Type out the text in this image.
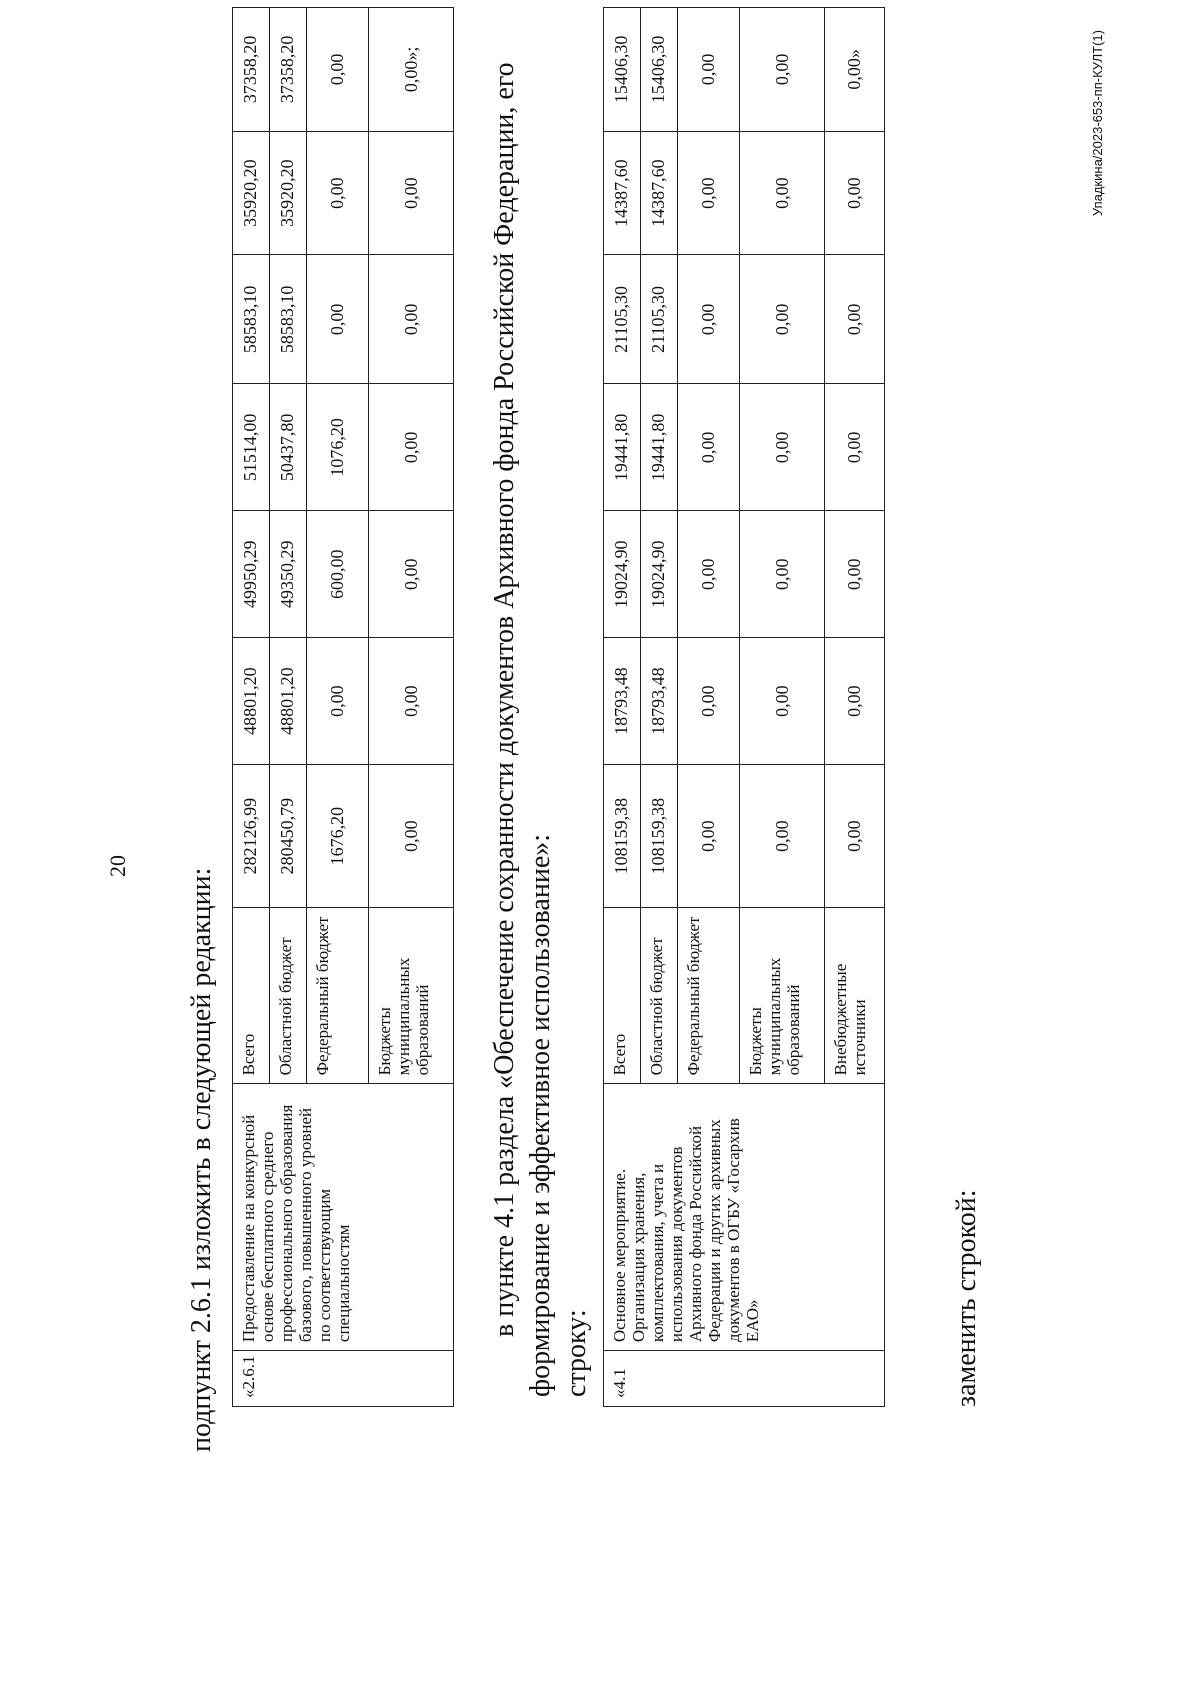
20
подпункт 2.6.1 изложить в следующей редакции: «2.6.1	Предоставление на конкурсной основе бесплатного среднего профессионального образования базового, повышенного уровней по соответствующим специальностям	Всего	282126,99	48801,20	49950,29	51514,00	58583,10	35920,20	37358,20
		Областной бюджет	280450,79	48801,20	49350,29	50437,80	58583,10	35920,20	37358,20
		Федеральный бюджет	1676,20	0,00	600,00	1076,20	0,00	0,00	0,00
		Бюджеты муниципальных образований	0,00	0,00	0,00	0,00	0,00	0,00	0,00»; в пункте 4.1 раздела «Обеспечение сохранности документов Архивного фонда Российской Федерации, его формирование и эффективное использование»: строку: «4.1	Основное мероприятие. Организация хранения, комплектования, учета и использования документов Архивного фонда Российской Федерации и других архивных документов в ОГБУ «Госархив ЕАО»	Всего	108159,38	18793,48	19024,90	19441,80	21105,30	14387,60	15406,30
		Областной бюджет	108159,38	18793,48	19024,90	19441,80	21105,30	14387,60	15406,30
		Федеральный бюджет	0,00	0,00	0,00	0,00	0,00	0,00	0,00
		Бюджеты муниципальных образований	0,00	0,00	0,00	0,00	0,00	0,00	0,00
		Внебюджетные источники	0,00	0,00	0,00	0,00	0,00	0,00	0,00»
заменить строкой:
Упадкина/2023-653-пп-КУЛТ(1)
